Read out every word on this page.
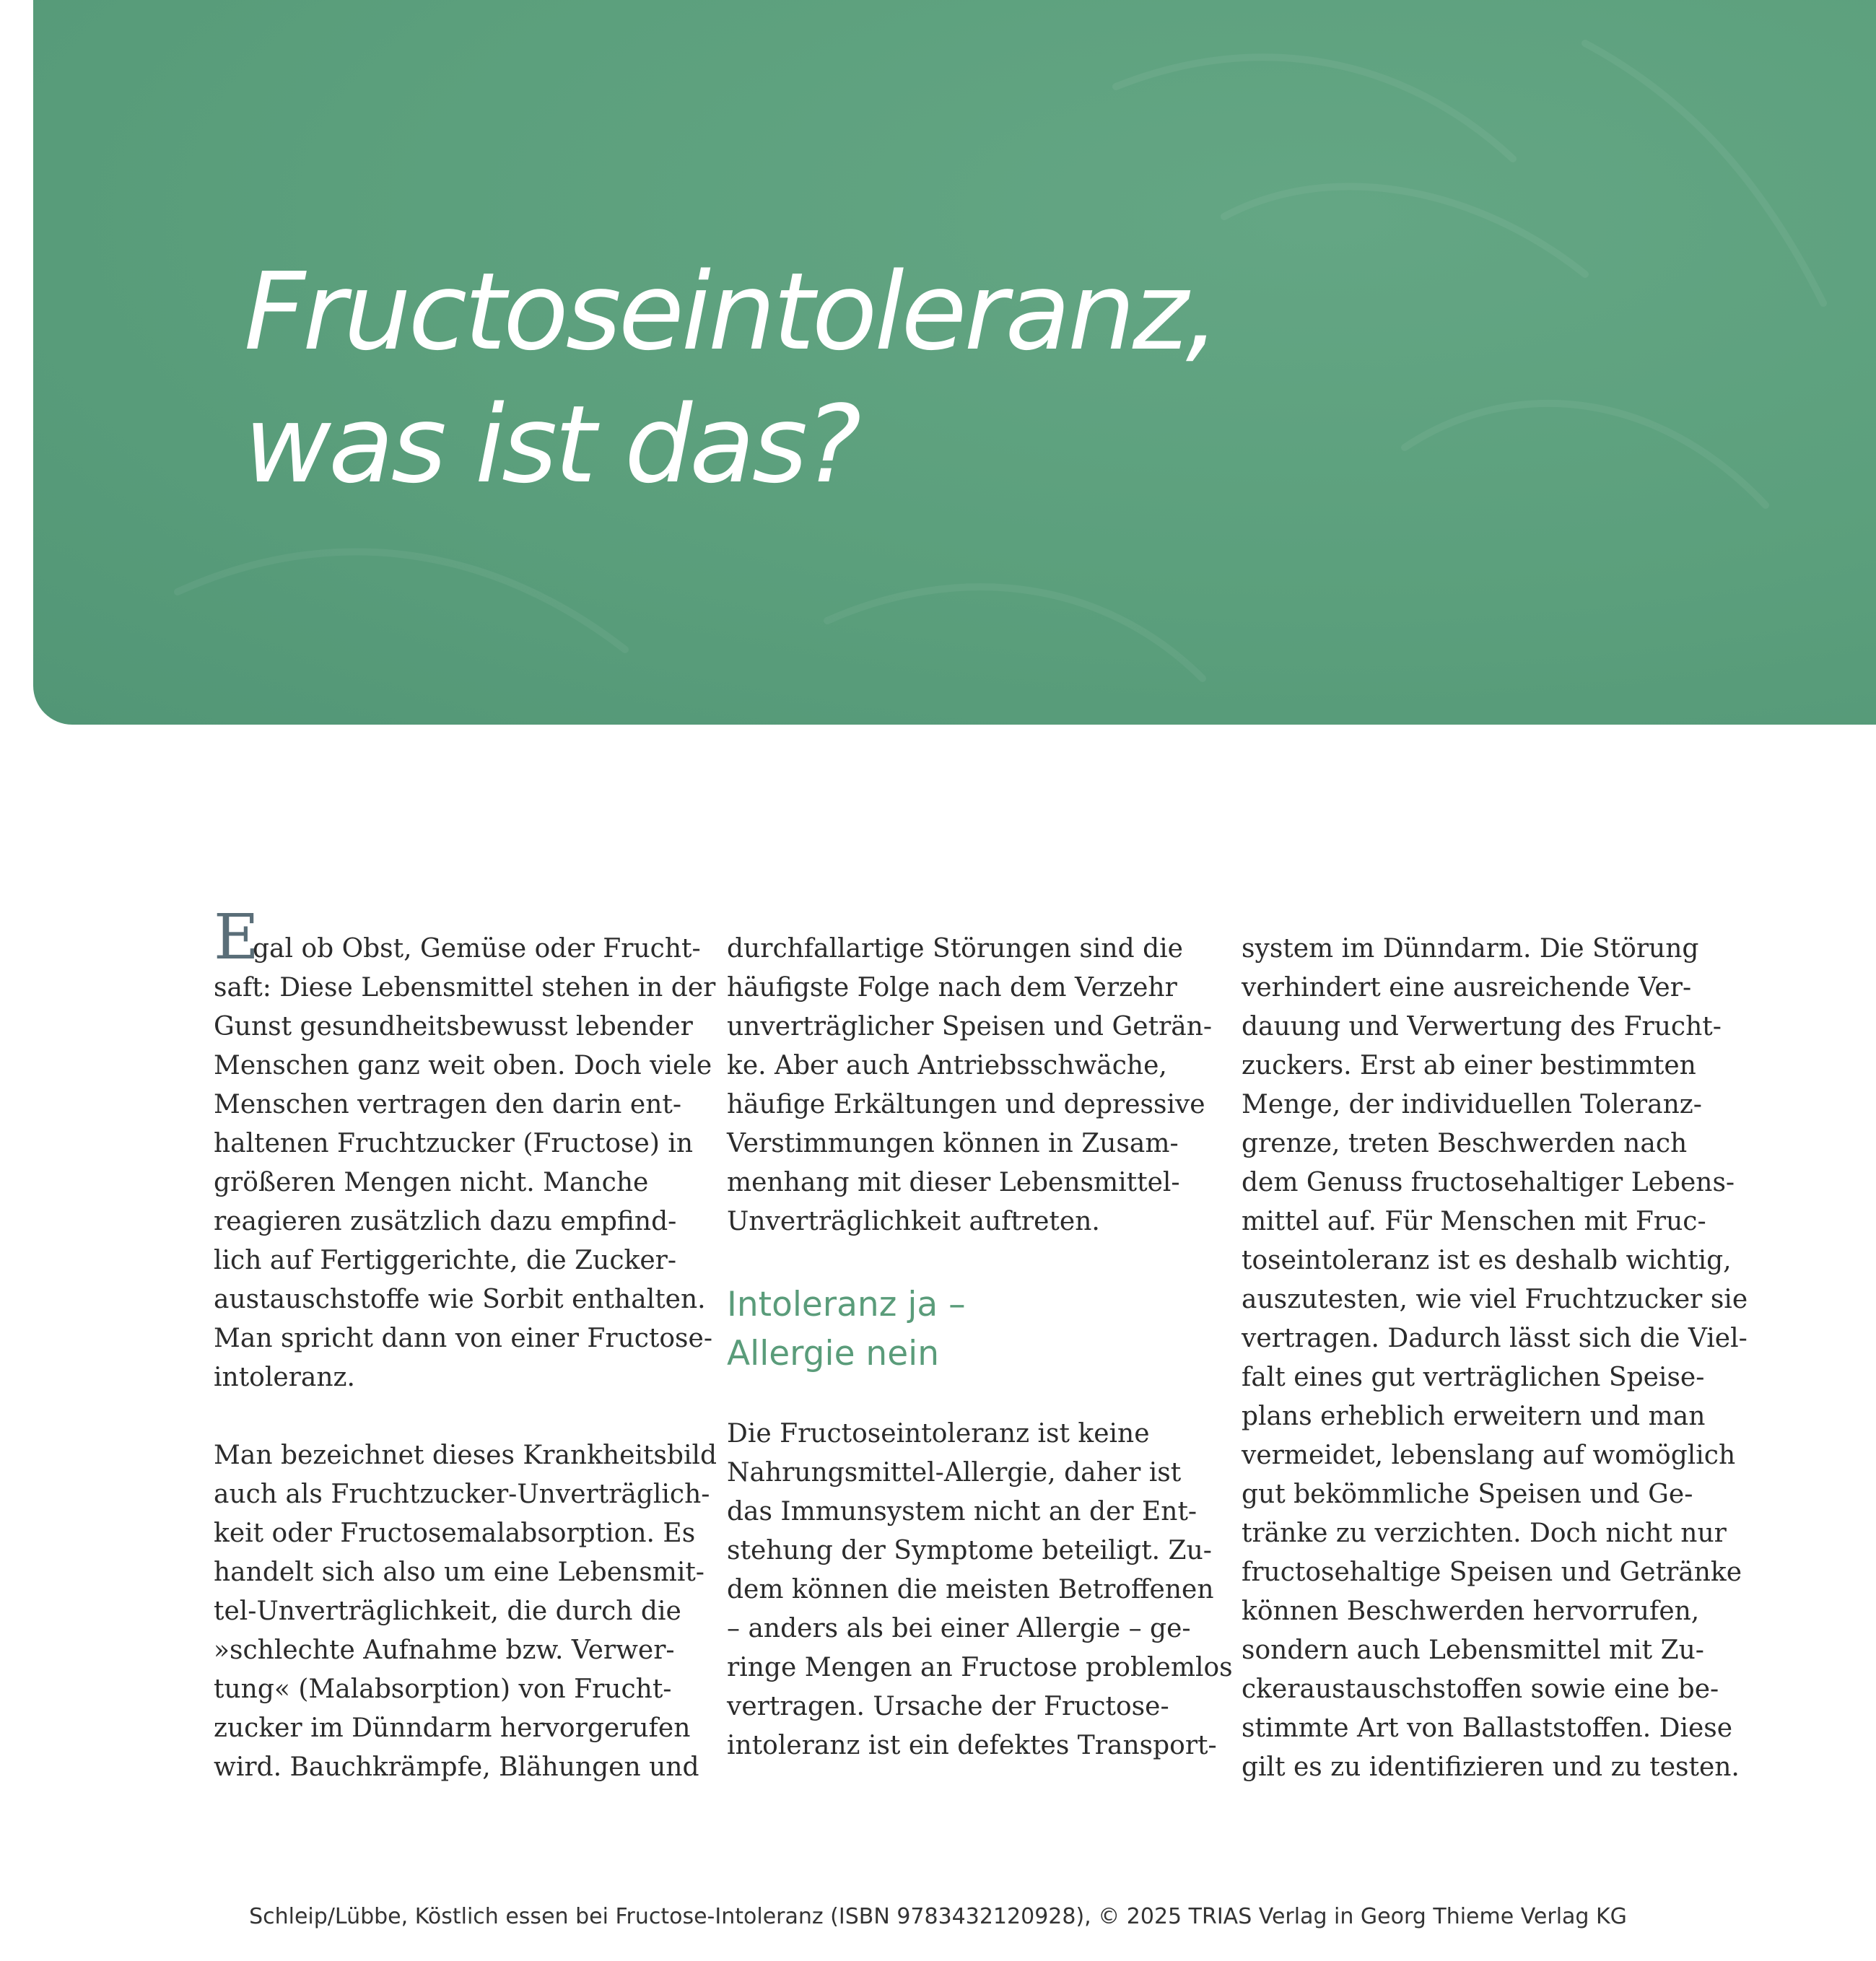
Fructoseintoleranz,
was ist das?
E

gal ob Obst, Gemüse oder Frucht-

saft: Diese Lebensmittel stehen in der

Gunst gesundheitsbewusst lebender

Menschen ganz weit oben. Doch viele

Menschen vertragen den darin ent-

haltenen Fruchtzucker (Fructose) in

größeren Mengen nicht. Manche

reagieren zusätzlich dazu empfind-

lich auf Fertiggerichte, die Zucker-

austauschstoffe wie Sorbit enthalten.

Man spricht dann von einer Fructose-

intoleranz.

Man bezeichnet dieses Krankheitsbild

auch als Fruchtzucker-Unverträglich-

keit oder Fructosemalabsorption. Es

handelt sich also um eine Lebensmit-

tel-Unverträglichkeit, die durch die

»schlechte Aufnahme bzw. Verwer-

tung« (Malabsorption) von Frucht-

zucker im Dünndarm hervorgerufen

wird. Bauchkrämpfe, Blähungen und

durchfallartige Störungen sind die

häufigste Folge nach dem Verzehr

unverträglicher Speisen und Geträn-

ke. Aber auch Antriebsschwäche,

häufige Erkältungen und depressive

Verstimmungen können in Zusam-

menhang mit dieser Lebensmittel-

Unverträglichkeit auftreten.

Intoleranz ja –

Allergie nein

Die Fructoseintoleranz ist keine

Nahrungsmittel-Allergie, daher ist

das Immunsystem nicht an der Ent-

stehung der Symptome beteiligt. Zu-

dem können die meisten Betroffenen

– anders als bei einer Allergie – ge-

ringe Mengen an Fructose problemlos

vertragen. Ursache der Fructose-

intoleranz ist ein defektes Transport-

system im Dünndarm. Die Störung

verhindert eine ausreichende Ver-

dauung und Verwertung des Frucht-

zuckers. Erst ab einer bestimmten

Menge, der individuellen Toleranz-

grenze, treten Beschwerden nach

dem Genuss fructosehaltiger Lebens-

mittel auf. Für Menschen mit Fruc-

toseintoleranz ist es deshalb wichtig,

auszutesten, wie viel Fruchtzucker sie

vertragen. Dadurch lässt sich die Viel-

falt eines gut verträglichen Speise-

plans erheblich erweitern und man

vermeidet, lebenslang auf womöglich

gut bekömmliche Speisen und Ge-

tränke zu verzichten. Doch nicht nur

fructosehaltige Speisen und Getränke

können Beschwerden hervorrufen,

sondern auch Lebensmittel mit Zu-

ckeraustauschstoffen sowie eine be-

stimmte Art von Ballaststoffen. Diese

gilt es zu identifizieren und zu testen.

Schleip/Lübbe, Köstlich essen bei Fructose-Intoleranz (ISBN 9783432120928), © 2025 TRIAS Verlag in Georg Thieme Verlag KG
